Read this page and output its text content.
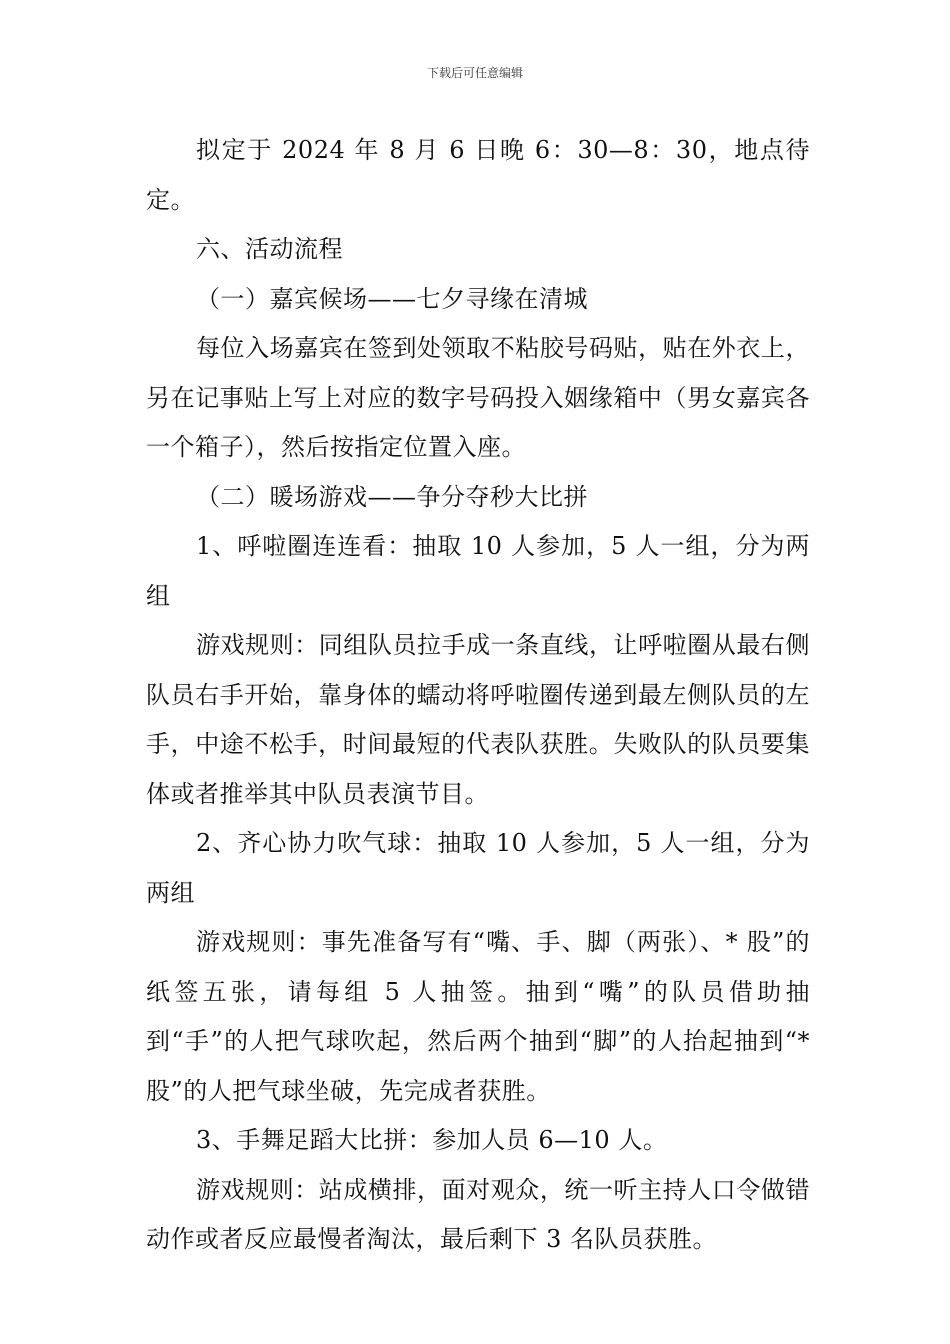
下载后可任意编辑

拟定于 2024 年 8 月 6 日晚 6：30—8：30，地点待定。

六、活动流程

（一）嘉宾候场——七夕寻缘在清城

每位入场嘉宾在签到处领取不粘胶号码贴，贴在外衣上，另在记事贴上写上对应的数字号码投入姻缘箱中（男女嘉宾各一个箱子），然后按指定位置入座。

（二）暖场游戏——争分夺秒大比拼

1、呼啦圈连连看：抽取 10 人参加，5 人一组，分为两组

游戏规则：同组队员拉手成一条直线，让呼啦圈从最右侧队员右手开始，靠身体的蠕动将呼啦圈传递到最左侧队员的左手，中途不松手，时间最短的代表队获胜。失败队的队员要集体或者推举其中队员表演节目。

2、齐心协力吹气球：抽取 10 人参加，5 人一组，分为两组

游戏规则：事先准备写有“嘴、手、脚（两张）、* 股”的纸签五张，请每组 5 人抽签。抽到“嘴”的队员借助抽到“手”的人把气球吹起，然后两个抽到“脚”的人抬起抽到“* 股”的人把气球坐破，先完成者获胜。

3、手舞足蹈大比拼：参加人员 6—10 人。

游戏规则：站成横排，面对观众，统一听主持人口令做错动作或者反应最慢者淘汰，最后剩下 3 名队员获胜。
